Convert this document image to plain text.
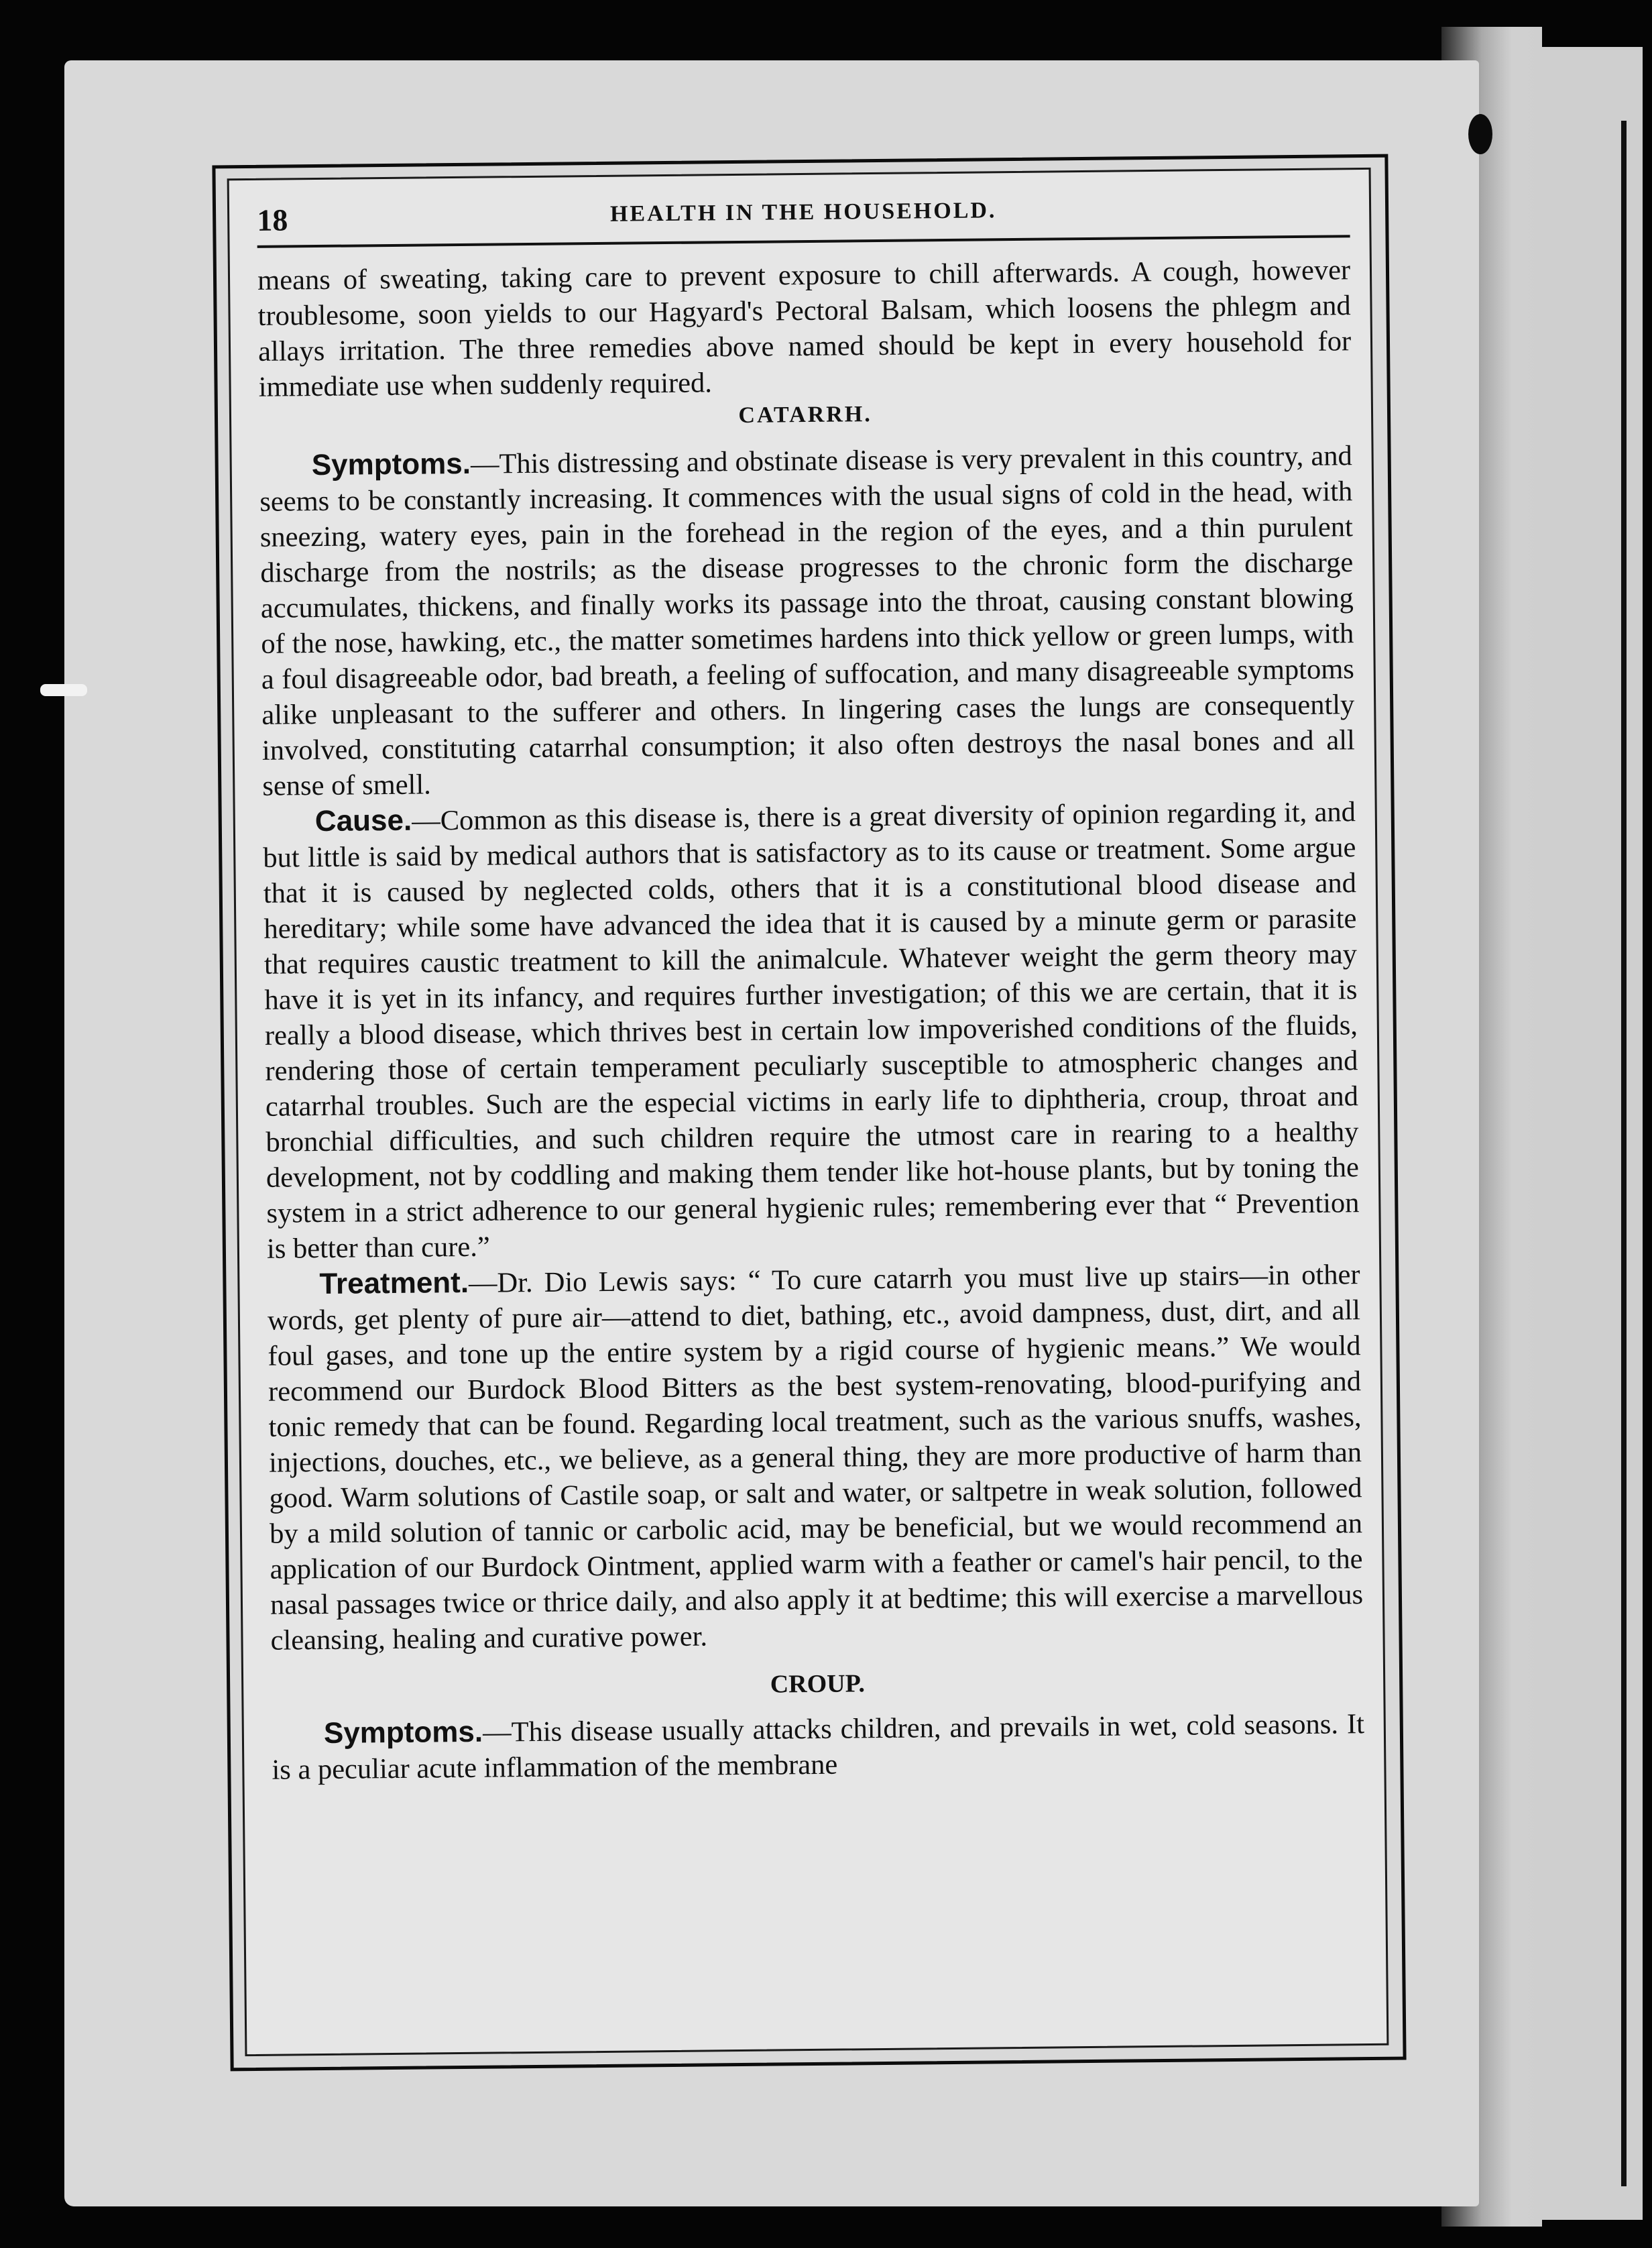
18	HEALTH IN THE HOUSEHOLD.

means of sweating, taking care to prevent exposure to chill afterwards. A cough, however troublesome, soon yields to our Hagyard's Pectoral Balsam, which loosens the phlegm and allays irritation. The three remedies above named should be kept in every household for immediate use when suddenly required.

CATARRH.

Symptoms.—This distressing and obstinate disease is very prevalent in this country, and seems to be constantly increasing. It commences with the usual signs of cold in the head, with sneezing, watery eyes, pain in the forehead in the region of the eyes, and a thin purulent discharge from the nostrils; as the disease progresses to the chronic form the discharge accumulates, thickens, and finally works its passage into the throat, causing constant blowing of the nose, hawking, etc., the matter sometimes hardens into thick yellow or green lumps, with a foul disagreeable odor, bad breath, a feeling of suffocation, and many disagreeable symptoms alike unpleasant to the sufferer and others. In lingering cases the lungs are consequently involved, constituting catarrhal consumption; it also often destroys the nasal bones and all sense of smell.

Cause.—Common as this disease is, there is a great diversity of opinion regarding it, and but little is said by medical authors that is satisfactory as to its cause or treatment. Some argue that it is caused by neglected colds, others that it is a constitutional blood disease and hereditary; while some have advanced the idea that it is caused by a minute germ or parasite that requires caustic treatment to kill the animalcule. Whatever weight the germ theory may have it is yet in its infancy, and requires further investigation; of this we are certain, that it is really a blood disease, which thrives best in certain low impoverished conditions of the fluids, rendering those of certain temperament peculiarly susceptible to atmospheric changes and catarrhal troubles. Such are the especial victims in early life to diphtheria, croup, throat and bronchial difficulties, and such children require the utmost care in rearing to a healthy development, not by coddling and making them tender like hot-house plants, but by toning the system in a strict adherence to our general hygienic rules; remembering ever that “ Prevention is better than cure.”

Treatment.—Dr. Dio Lewis says: “ To cure catarrh you must live up stairs—in other words, get plenty of pure air—attend to diet, bathing, etc., avoid dampness, dust, dirt, and all foul gases, and tone up the entire system by a rigid course of hygienic means.” We would recommend our Burdock Blood Bitters as the best system-renovating, blood-purifying and tonic remedy that can be found. Regarding local treatment, such as the various snuffs, washes, injections, douches, etc., we believe, as a general thing, they are more productive of harm than good. Warm solutions of Castile soap, or salt and water, or saltpetre in weak solution, followed by a mild solution of tannic or carbolic acid, may be beneficial, but we would recommend an application of our Burdock Ointment, applied warm with a feather or camel's hair pencil, to the nasal passages twice or thrice daily, and also apply it at bedtime; this will exercise a marvellous cleansing, healing and curative power.

CROUP.

Symptoms.—This disease usually attacks children, and prevails in wet, cold seasons. It is a peculiar acute inflammation of the membrane
